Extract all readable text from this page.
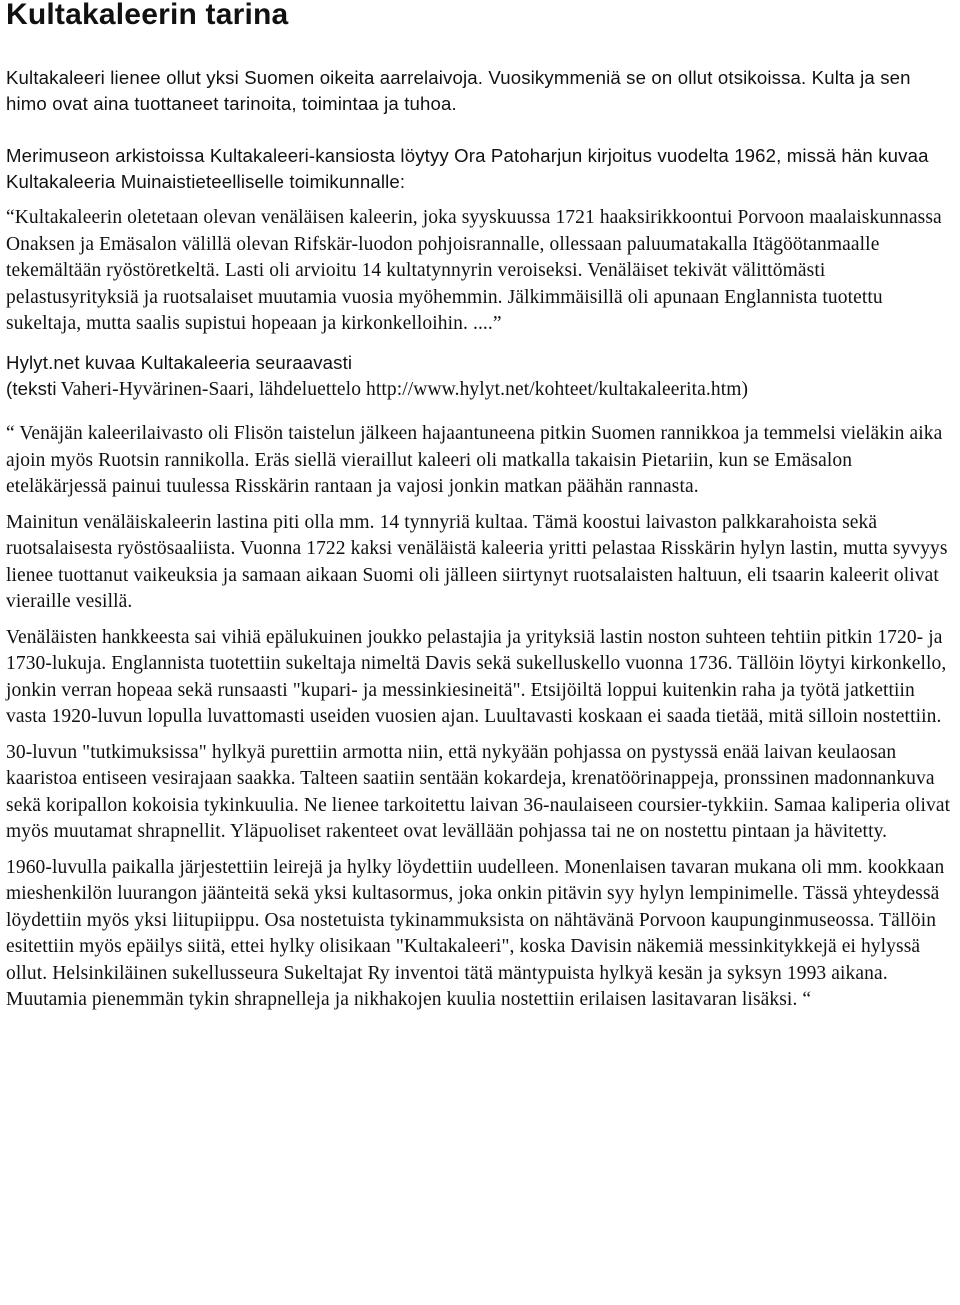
Kultakaleerin tarina

Kultakaleeri lienee ollut yksi Suomen oikeita aarrelaivoja. Vuosikymmeniä se on ollut otsikoissa. Kulta ja sen himo ovat aina tuottaneet tarinoita, toimintaa ja tuhoa.

Merimuseon arkistoissa Kultakaleeri-kansiosta löytyy Ora Patoharjun kirjoitus vuodelta 1962, missä hän kuvaa Kultakaleeria Muinaistieteelliselle toimikunnalle:

“Kultakaleerin oletetaan olevan venäläisen kaleerin, joka syyskuussa 1721 haaksirikkoontui Porvoon maalaiskunnassa Onaksen ja Emäsalon välillä olevan Rifskär-luodon pohjoisrannalle, ollessaan paluumatakalla Itägöötanmaalle tekemältään ryöstöretkeltä. Lasti oli arvioitu 14 kultatynnyrin veroiseksi. Venäläiset tekivät välittömästi pelastusyrityksiä ja ruotsalaiset muutamia vuosia myöhemmin. Jälkimmäisillä oli apunaan Englannista tuotettu sukeltaja, mutta saalis supistui hopeaan ja kirkonkelloihin. ....”

Hylyt.net kuvaa Kultakaleeria seuraavasti

(teksti Vaheri-Hyvärinen-Saari, lähdeluettelo http://www.hylyt.net/kohteet/kultakaleerita.htm)

“ Venäjän kaleerilaivasto oli Flisön taistelun jälkeen hajaantuneena pitkin Suomen rannikkoa ja temmelsi vieläkin aika ajoin myös Ruotsin rannikolla. Eräs siellä vieraillut kaleeri oli matkalla takaisin Pietariin, kun se Emäsalon eteläkärjessä painui tuulessa Risskärin rantaan ja vajosi jonkin matkan päähän rannasta.

Mainitun venäläiskaleerin lastina piti olla mm. 14 tynnyriä kultaa. Tämä koostui laivaston palkkarahoista sekä ruotsalaisesta ryöstösaaliista. Vuonna 1722 kaksi venäläistä kaleeria yritti pelastaa Risskärin hylyn lastin, mutta syvyys lienee tuottanut vaikeuksia ja samaan aikaan Suomi oli jälleen siirtynyt ruotsalaisten haltuun, eli tsaarin kaleerit olivat vieraille vesillä.

Venäläisten hankkeesta sai vihiä epälukuinen joukko pelastajia ja yrityksiä lastin noston suhteen tehtiin pitkin 1720- ja 1730-lukuja. Englannista tuotettiin sukeltaja nimeltä Davis sekä sukelluskello vuonna 1736. Tällöin löytyi kirkonkello, jonkin verran hopeaa sekä runsaasti "kupari- ja messinkiesineitä". Etsijöiltä loppui kuitenkin raha ja työtä jatkettiin vasta 1920-luvun lopulla luvattomasti useiden vuosien ajan. Luultavasti koskaan ei saada tietää, mitä silloin nostettiin.

30-luvun "tutkimuksissa" hylkyä purettiin armotta niin, että nykyään pohjassa on pystyssä enää laivan keulaosan kaaristoa entiseen vesirajaan saakka. Talteen saatiin sentään kokardeja, krenatöörinappeja, pronssinen madonnankuva sekä koripallon kokoisia tykinkuulia. Ne lienee tarkoitettu laivan 36-naulaiseen coursier-tykkiin. Samaa kaliperia olivat myös muutamat shrapnellit. Yläpuoliset rakenteet ovat levällään pohjassa tai ne on nostettu pintaan ja hävitetty.

1960-luvulla paikalla järjestettiin leirejä ja hylky löydettiin uudelleen. Monenlaisen tavaran mukana oli mm. kookkaan mieshenkilön luurangon jäänteitä sekä yksi kultasormus, joka onkin pitävin syy hylyn lempinimelle. Tässä yhteydessä löydettiin myös yksi liitupiippu. Osa nostetuista tykinammuksista on nähtävänä Porvoon kaupunginmuseossa. Tällöin esitettiin myös epäilys siitä, ettei hylky olisikaan "Kultakaleeri", koska Davisin näkemiä messinkitykkejä ei hylyssä ollut. Helsinkiläinen sukellusseura Sukeltajat Ry inventoi tätä mäntypuista hylkyä kesän ja syksyn 1993 aikana. Muutamia pienemmän tykin shrapnelleja ja nikhakojen kuulia nostettiin erilaisen lasitavaran lisäksi. “
